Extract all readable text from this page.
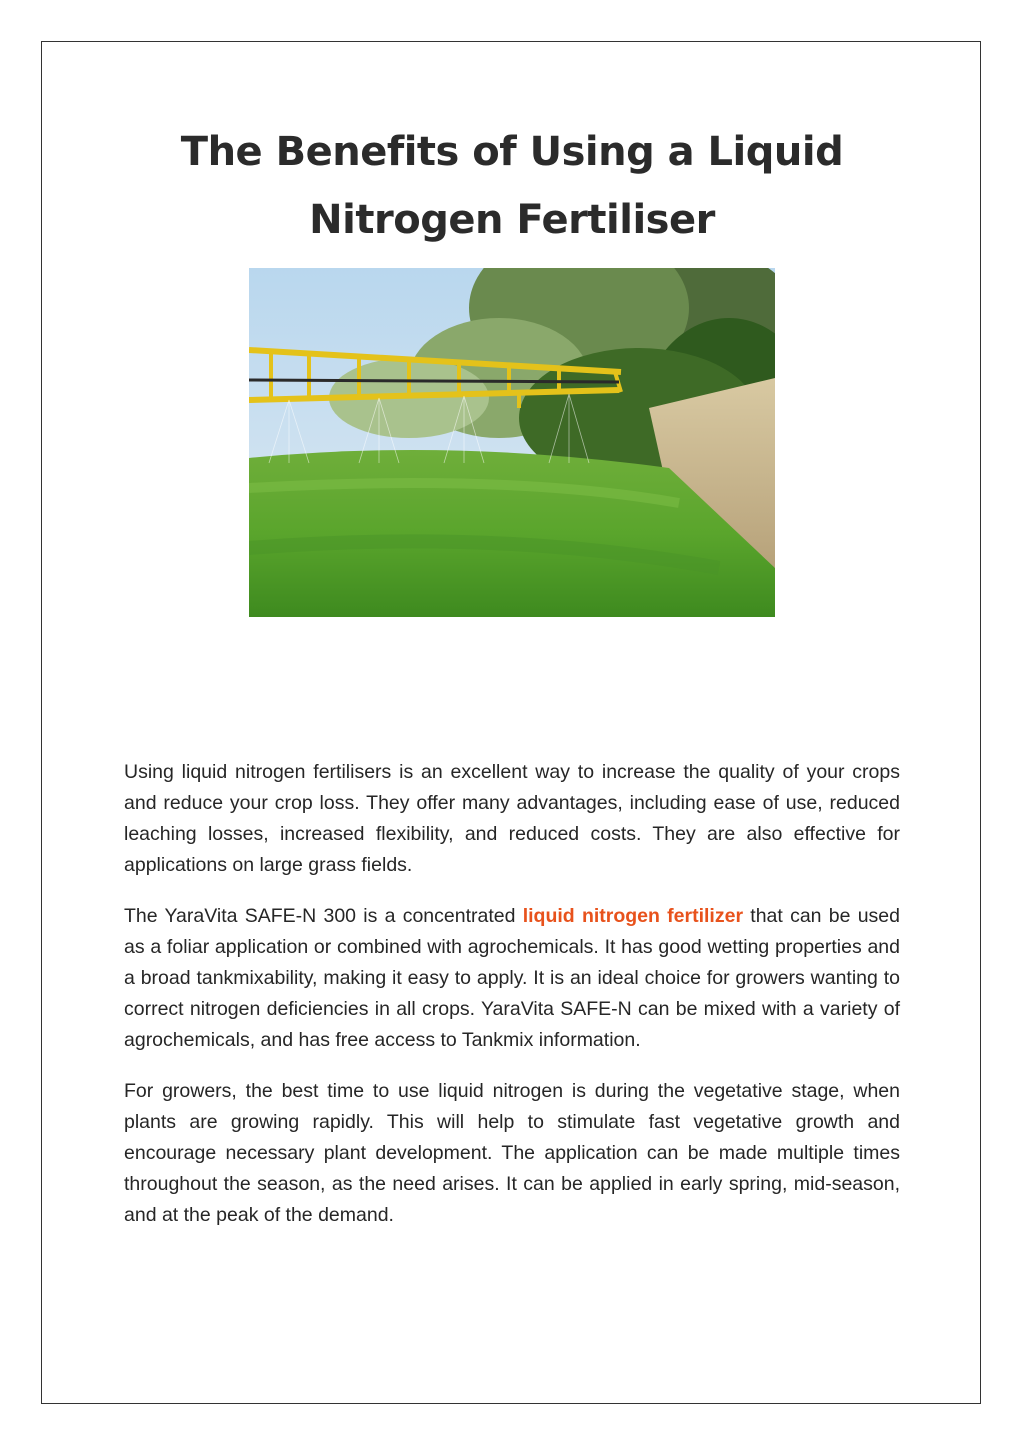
The Benefits of Using a Liquid Nitrogen Fertiliser

Using liquid nitrogen fertilisers is an excellent way to increase the quality of your crops and reduce your crop loss. They offer many advantages, including ease of use, reduced leaching losses, increased flexibility, and reduced costs. They are also effective for applications on large grass fields.

The YaraVita SAFE-N 300 is a concentrated liquid nitrogen fertilizer that can be used as a foliar application or combined with agrochemicals. It has good wetting properties and a broad tankmixability, making it easy to apply. It is an ideal choice for growers wanting to correct nitrogen deficiencies in all crops. YaraVita SAFE-N can be mixed with a variety of agrochemicals, and has free access to Tankmix information.

For growers, the best time to use liquid nitrogen is during the vegetative stage, when plants are growing rapidly. This will help to stimulate fast vegetative growth and encourage necessary plant development. The application can be made multiple times throughout the season, as the need arises. It can be applied in early spring, mid-season, and at the peak of the demand.
